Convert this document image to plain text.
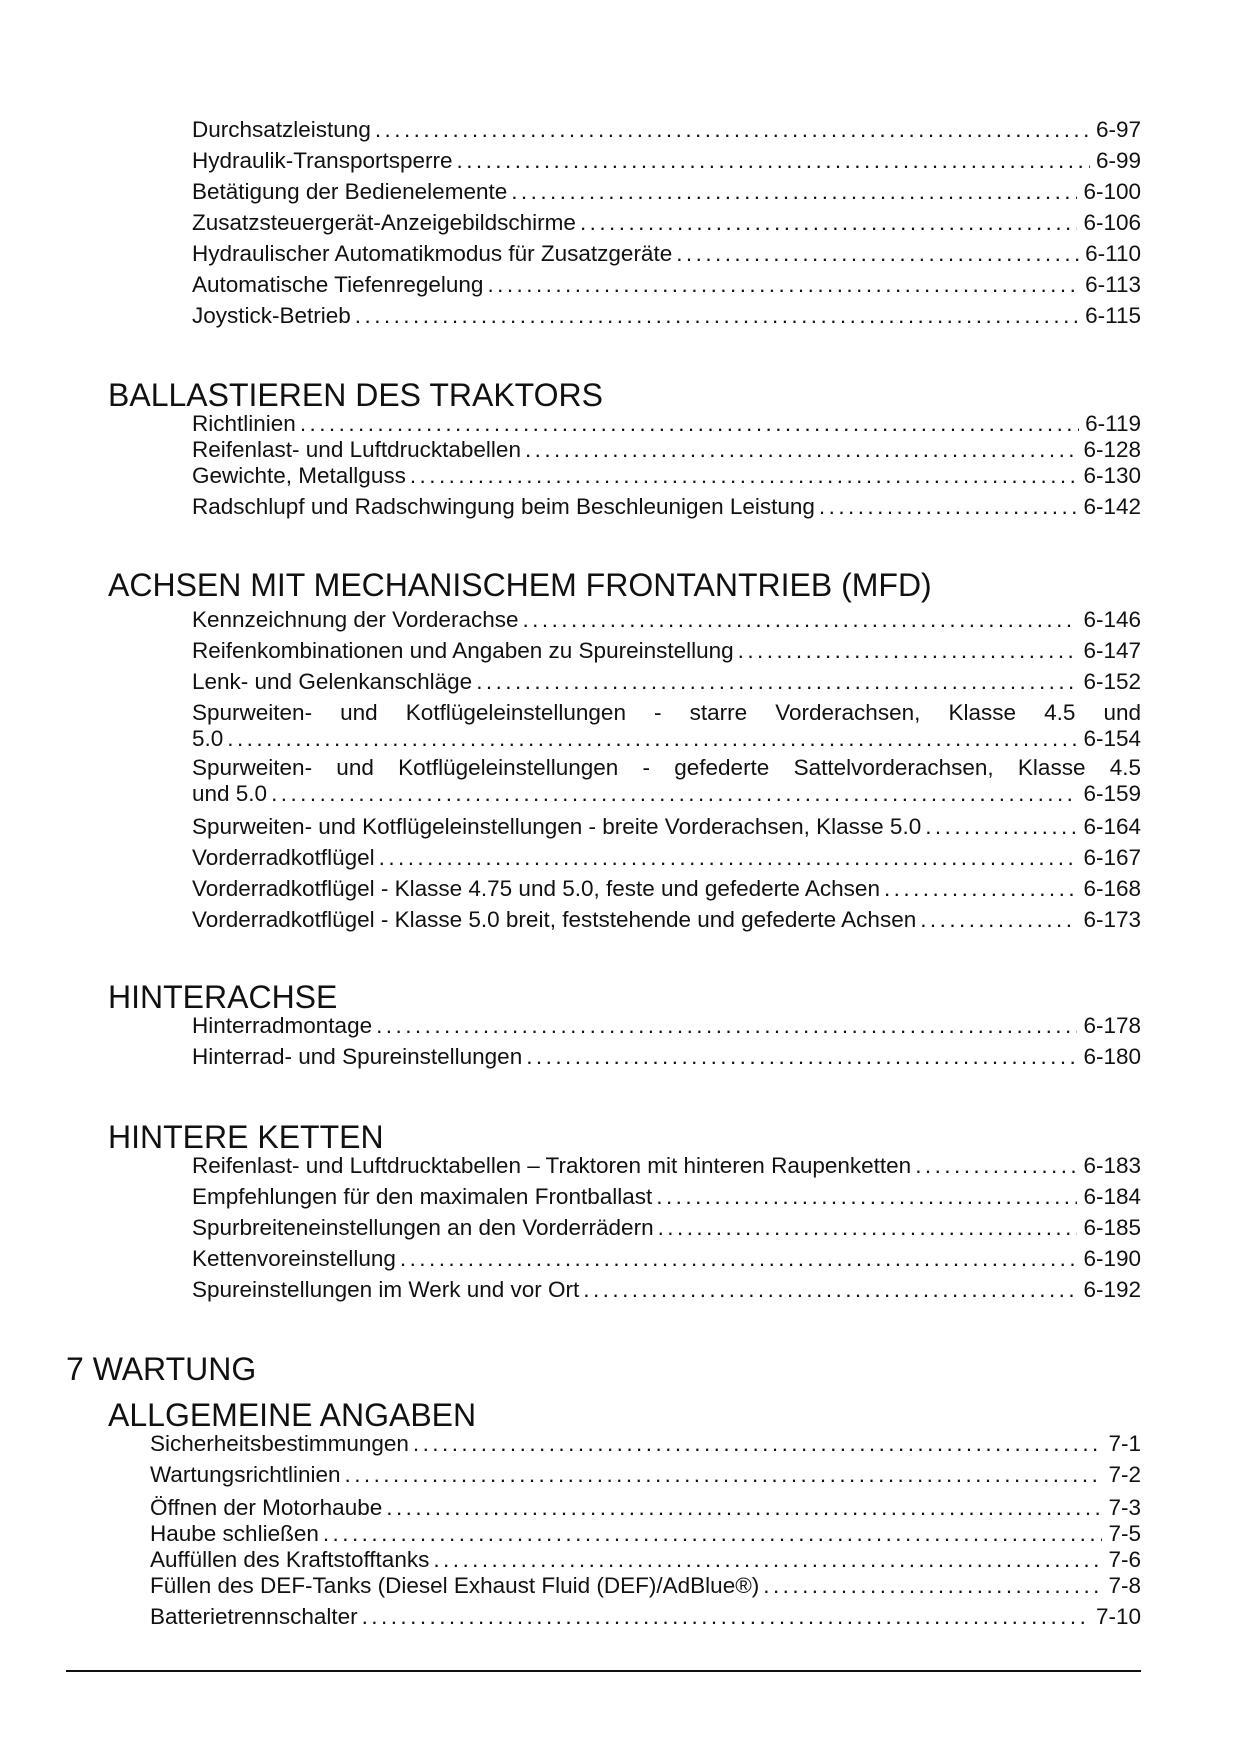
Durchsatzleistung . . .	6-97
Hydraulik-Transportsperre . . .	6-99
Betätigung der Bedienelemente . . .	6-100
Zusatzsteuergerät-Anzeigebildschirme . . .	6-106
Hydraulischer Automatikmodus für Zusatzgeräte . . .	6-110
Automatische Tiefenregelung . . .	6-113
Joystick-Betrieb . . .	6-115
BALLASTIEREN DES TRAKTORS
Richtlinien . . .	6-119
Reifenlast- und Luftdrucktabellen . . .	6-128
Gewichte, Metallguss . . .	6-130
Radschlupf und Radschwingung beim Beschleunigen Leistung . . .	6-142
ACHSEN MIT MECHANISCHEM FRONTANTRIEB (MFD)
Kennzeichnung der Vorderachse . . .	6-146
Reifenkombinationen und Angaben zu Spureinstellung . . .	6-147
Lenk- und Gelenkanschläge . . .	6-152
Spurweiten- und Kotflügeleinstellungen - starre Vorderachsen, Klasse 4.5 und
5.0 . . .	6-154
Spurweiten- und Kotflügeleinstellungen - gefederte Sattelvorderachsen, Klasse 4.5
und 5.0 . . .	6-159
Spurweiten- und Kotflügeleinstellungen - breite Vorderachsen, Klasse 5.0 . . .	6-164
Vorderradkotflügel . . .	6-167
Vorderradkotflügel - Klasse 4.75 und 5.0, feste und gefederte Achsen . . .	6-168
Vorderradkotflügel - Klasse 5.0 breit, feststehende und gefederte Achsen . . .	6-173
HINTERACHSE
Hinterradmontage . . .	6-178
Hinterrad- und Spureinstellungen . . .	6-180
HINTERE KETTEN
Reifenlast- und Luftdrucktabellen – Traktoren mit hinteren Raupenketten . . .	6-183
Empfehlungen für den maximalen Frontballast . . .	6-184
Spurbreiteneinstellungen an den Vorderrädern . . .	6-185
Kettenvoreinstellung . . .	6-190
Spureinstellungen im Werk und vor Ort . . .	6-192
7 WARTUNG
ALLGEMEINE ANGABEN
Sicherheitsbestimmungen . . .	7-1
Wartungsrichtlinien . . .	7-2
Öffnen der Motorhaube . . .	7-3
Haube schließen . . .	7-5
Auffüllen des Kraftstofftanks . . .	7-6
Füllen des DEF-Tanks (Diesel Exhaust Fluid (DEF)/AdBlue®) . . .	7-8
Batterietrennschalter . . .	7-10
